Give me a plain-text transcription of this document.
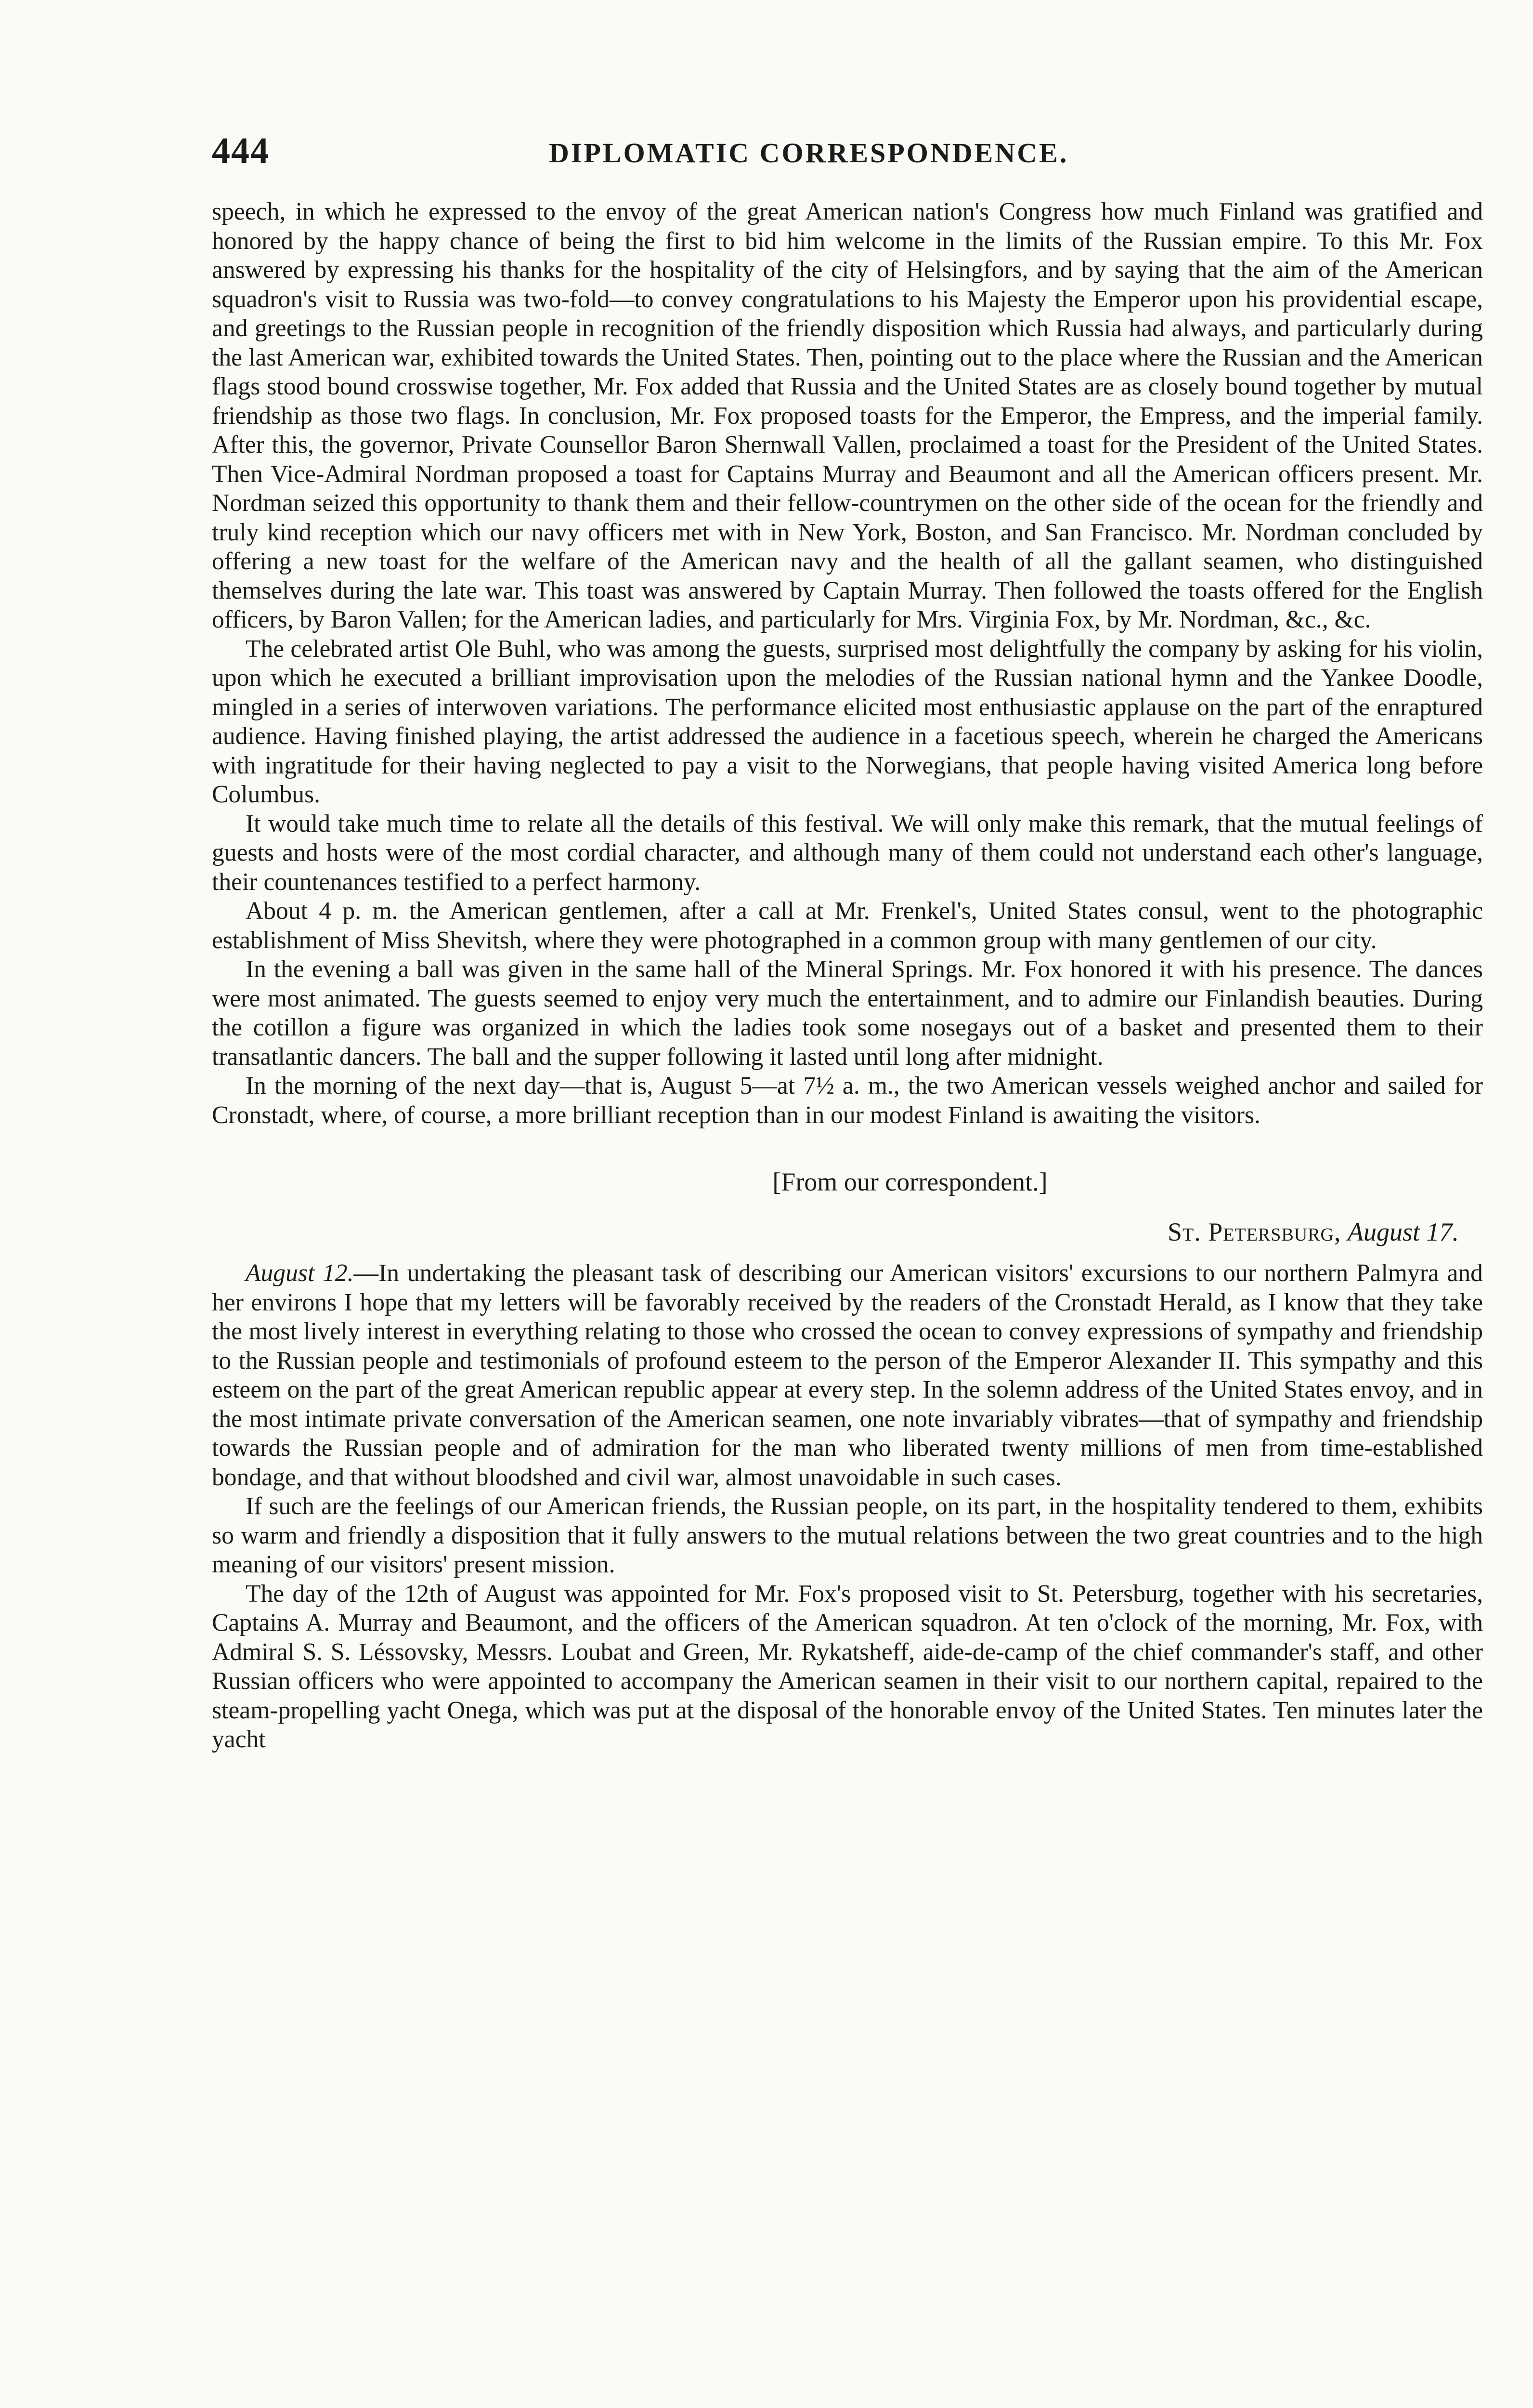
444	DIPLOMATIC CORRESPONDENCE.

speech, in which he expressed to the envoy of the great American nation's Congress how much Finland was gratified and honored by the happy chance of being the first to bid him welcome in the limits of the Russian empire. To this Mr. Fox answered by expressing his thanks for the hospitality of the city of Helsingfors, and by saying that the aim of the American squadron's visit to Russia was two-fold—to convey congratulations to his Majesty the Emperor upon his providential escape, and greetings to the Russian people in recognition of the friendly disposition which Russia had always, and particularly during the last American war, exhibited towards the United States. Then, pointing out to the place where the Russian and the American flags stood bound crosswise together, Mr. Fox added that Russia and the United States are as closely bound together by mutual friendship as those two flags. In conclusion, Mr. Fox proposed toasts for the Emperor, the Empress, and the imperial family. After this, the governor, Private Counsellor Baron Shernwall Vallen, proclaimed a toast for the President of the United States. Then Vice-Admiral Nordman proposed a toast for Captains Murray and Beaumont and all the American officers present. Mr. Nordman seized this opportunity to thank them and their fellow-countrymen on the other side of the ocean for the friendly and truly kind reception which our navy officers met with in New York, Boston, and San Francisco. Mr. Nordman concluded by offering a new toast for the welfare of the American navy and the health of all the gallant seamen, who distinguished themselves during the late war. This toast was answered by Captain Murray. Then followed the toasts offered for the English officers, by Baron Vallen; for the American ladies, and particularly for Mrs. Virginia Fox, by Mr. Nordman, &c., &c.

The celebrated artist Ole Buhl, who was among the guests, surprised most delightfully the company by asking for his violin, upon which he executed a brilliant improvisation upon the melodies of the Russian national hymn and the Yankee Doodle, mingled in a series of interwoven variations. The performance elicited most enthusiastic applause on the part of the enraptured audience. Having finished playing, the artist addressed the audience in a facetious speech, wherein he charged the Americans with ingratitude for their having neglected to pay a visit to the Norwegians, that people having visited America long before Columbus.

It would take much time to relate all the details of this festival. We will only make this remark, that the mutual feelings of guests and hosts were of the most cordial character, and although many of them could not understand each other's language, their countenances testified to a perfect harmony.

About 4 p. m. the American gentlemen, after a call at Mr. Frenkel's, United States consul, went to the photographic establishment of Miss Shevitsh, where they were photographed in a common group with many gentlemen of our city.

In the evening a ball was given in the same hall of the Mineral Springs. Mr. Fox honored it with his presence. The dances were most animated. The guests seemed to enjoy very much the entertainment, and to admire our Finlandish beauties. During the cotillon a figure was organized in which the ladies took some nosegays out of a basket and presented them to their transatlantic dancers. The ball and the supper following it lasted until long after midnight.

In the morning of the next day—that is, August 5—at 7½ a. m., the two American vessels weighed anchor and sailed for Cronstadt, where, of course, a more brilliant reception than in our modest Finland is awaiting the visitors.

[From our correspondent.]
St. Petersburg, August 17.

August 12.—In undertaking the pleasant task of describing our American visitors' excursions to our northern Palmyra and her environs I hope that my letters will be favorably received by the readers of the Cronstadt Herald, as I know that they take the most lively interest in everything relating to those who crossed the ocean to convey expressions of sympathy and friendship to the Russian people and testimonials of profound esteem to the person of the Emperor Alexander II. This sympathy and this esteem on the part of the great American republic appear at every step. In the solemn address of the United States envoy, and in the most intimate private conversation of the American seamen, one note invariably vibrates—that of sympathy and friendship towards the Russian people and of admiration for the man who liberated twenty millions of men from time-established bondage, and that without bloodshed and civil war, almost unavoidable in such cases.

If such are the feelings of our American friends, the Russian people, on its part, in the hospitality tendered to them, exhibits so warm and friendly a disposition that it fully answers to the mutual relations between the two great countries and to the high meaning of our visitors' present mission.

The day of the 12th of August was appointed for Mr. Fox's proposed visit to St. Petersburg, together with his secretaries, Captains A. Murray and Beaumont, and the officers of the American squadron. At ten o'clock of the morning, Mr. Fox, with Admiral S. S. Léssovsky, Messrs. Loubat and Green, Mr. Rykatsheff, aide-de-camp of the chief commander's staff, and other Russian officers who were appointed to accompany the American seamen in their visit to our northern capital, repaired to the steam-propelling yacht Onega, which was put at the disposal of the honorable envoy of the United States. Ten minutes later the yacht
